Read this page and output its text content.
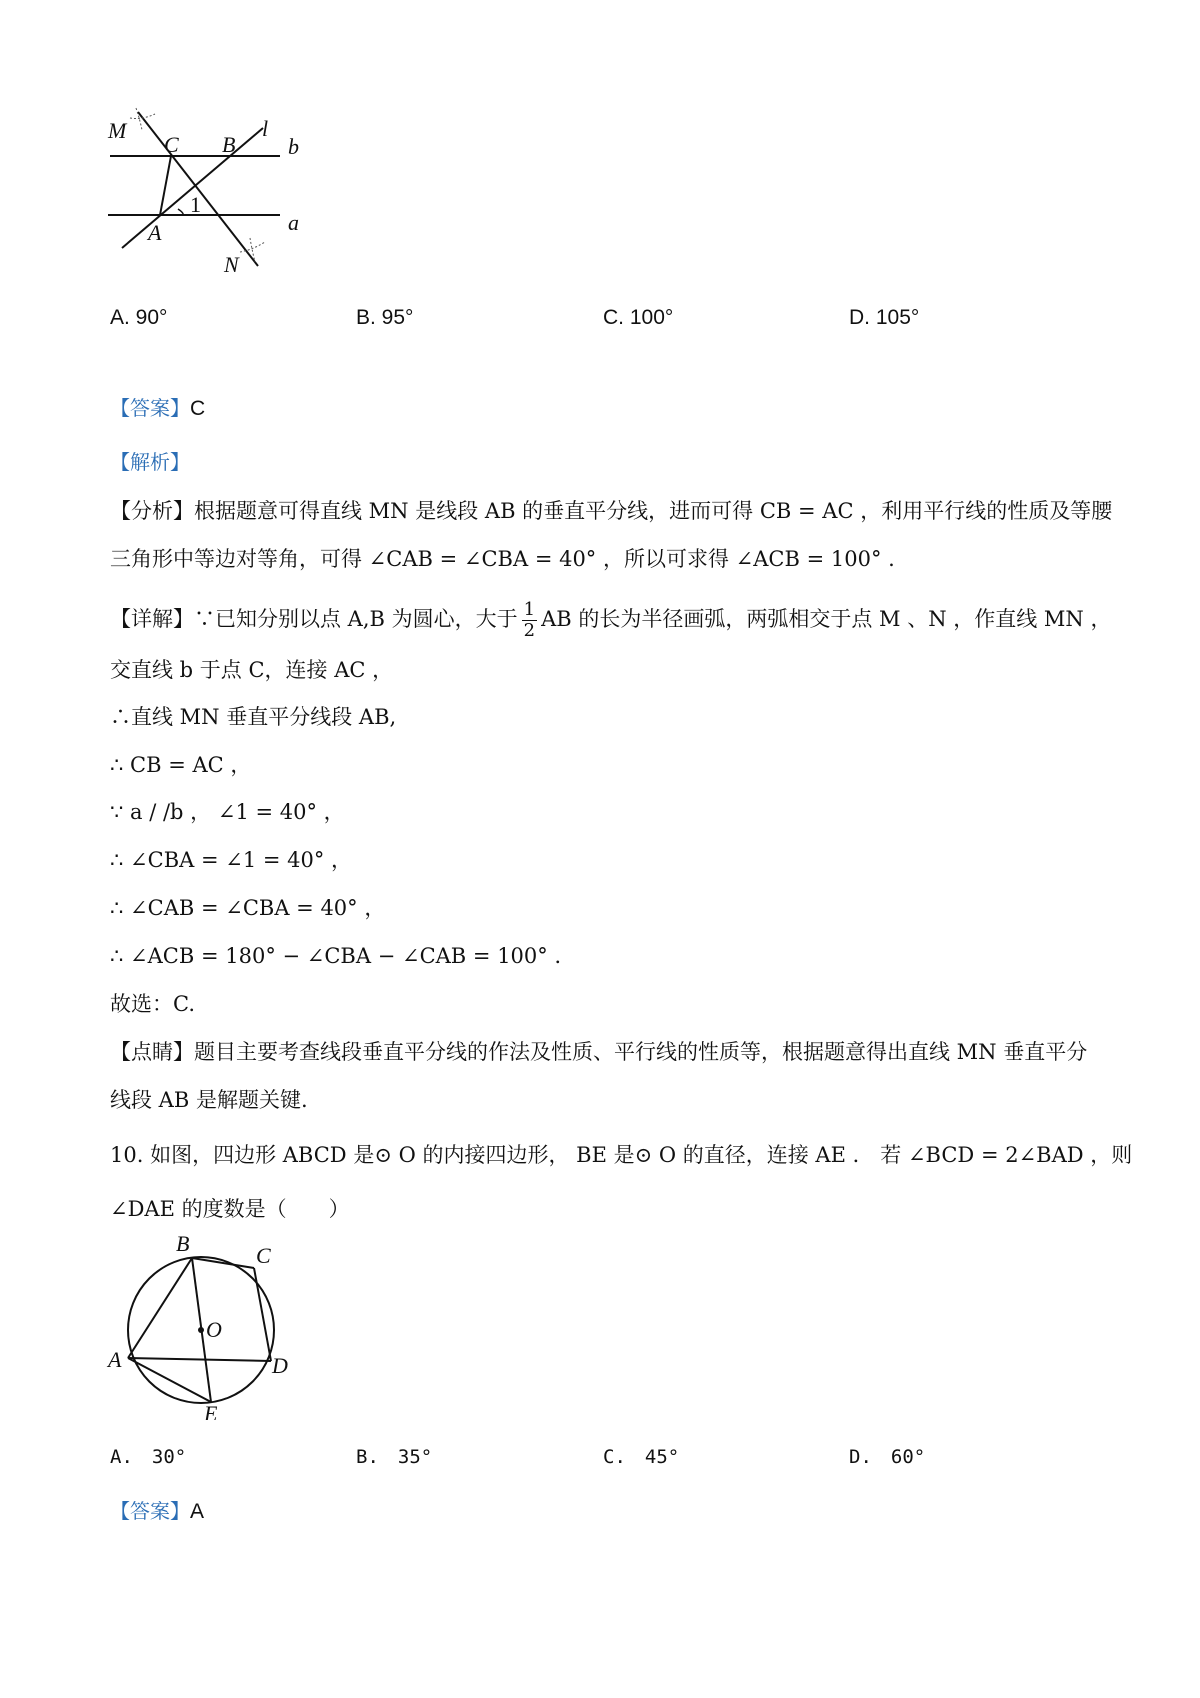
M
C B
l
b
1
A	a
N
A. 90°	B. 95°	C. 100°	D. 105°
【答案】C
【解析】
【分析】根据题意可得直线 MN 是线段 AB 的垂直平分线，进而可得 CB = AC ，利用平行线的性质及等腰
三角形中等边对等角，可得 ∠CAB = ∠CBA = 40° ，所以可求得 ∠ACB = 100° .
【详解】∵已知分别以点 A,B 为圆心，大于 $\frac{1}{2}$ AB 的长为半径画弧，两弧相交于点 M 、N ，作直线 MN ，
交直线 b 于点 C，连接 AC ，
∴直线 MN 垂直平分线段 AB,
∴ CB = AC ，
∵ a / /b ， ∠1 = 40° ，
∴ ∠CBA = ∠1 = 40° ，
∴ ∠CAB = ∠CBA = 40° ，
∴ ∠ACB = 180° − ∠CBA − ∠CAB = 100° ．
故选：C.
【点睛】题目主要考查线段垂直平分线的作法及性质、平行线的性质等，根据题意得出直线 MN 垂直平分
线段 AB 是解题关键.
10. 如图，四边形 ABCD 是⊙ O 的内接四边形， BE 是⊙ O 的直径，连接 AE ． 若 ∠BCD = 2∠BAD ，则
∠DAE 的度数是（　　）
B	C
O
A	D
E
A.　30°	B.　35°	C.　45°	D.　60°
【答案】A
